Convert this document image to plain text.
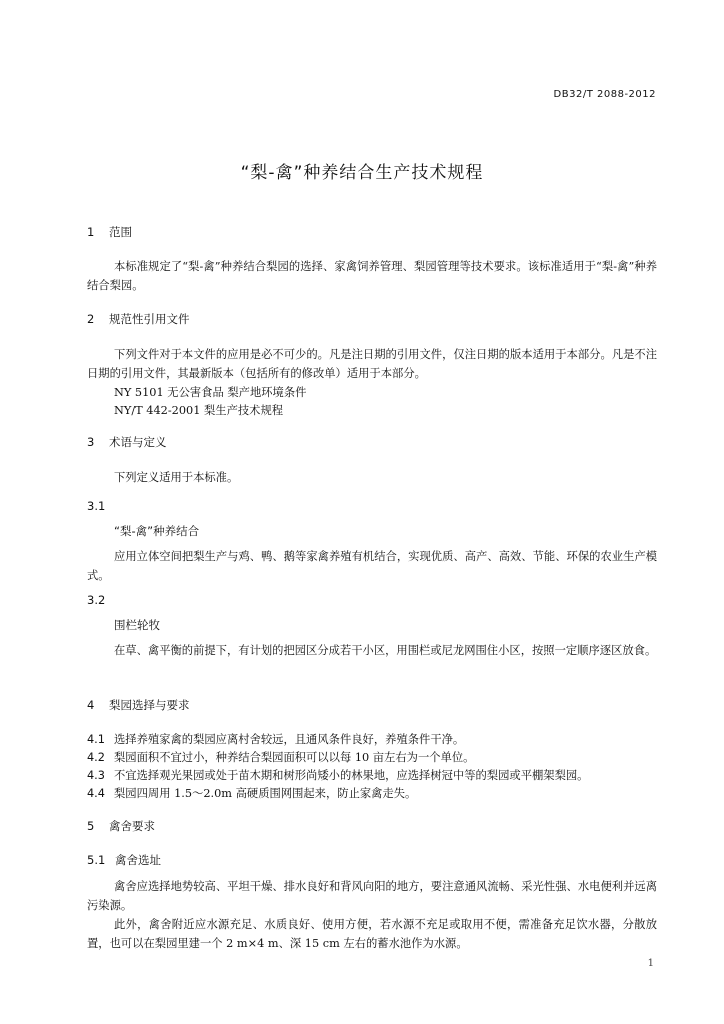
DB32/T 2088-2012
“梨-禽”种养结合生产技术规程
1 范围
本标准规定了“梨-禽”种养结合梨园的选择、家禽饲养管理、梨园管理等技术要求。该标准适用于“梨-禽”种养结合梨园。
2 规范性引用文件
下列文件对于本文件的应用是必不可少的。凡是注日期的引用文件，仅注日期的版本适用于本部分。凡是不注日期的引用文件，其最新版本（包括所有的修改单）适用于本部分。
NY 5101 无公害食品 梨产地环境条件
NY/T 442-2001 梨生产技术规程
3 术语与定义
下列定义适用于本标准。
3.1
“梨-禽”种养结合
应用立体空间把梨生产与鸡、鸭、鹅等家禽养殖有机结合，实现优质、高产、高效、节能、环保的农业生产模式。
3.2
围栏轮牧
在草、禽平衡的前提下，有计划的把园区分成若干小区，用围栏或尼龙网围住小区，按照一定顺序逐区放食。
4 梨园选择与要求
4.1 选择养殖家禽的梨园应离村舍较远，且通风条件良好，养殖条件干净。
4.2 梨园面积不宜过小，种养结合梨园面积可以以每 10 亩左右为一个单位。
4.3 不宜选择观光果园或处于苗木期和树形尚矮小的林果地，应选择树冠中等的梨园或平棚架梨园。
4.4 梨园四周用 1.5～2.0m 高硬质围网围起来，防止家禽走失。
5 禽舍要求
5.1 禽舍选址
禽舍应选择地势较高、平坦干燥、排水良好和背风向阳的地方，要注意通风流畅、采光性强、水电便利并远离污染源。
此外，禽舍附近应水源充足、水质良好、使用方便，若水源不充足或取用不便，需准备充足饮水器，分散放置，也可以在梨园里建一个 2 m×4 m、深 15 cm 左右的蓄水池作为水源。
1
